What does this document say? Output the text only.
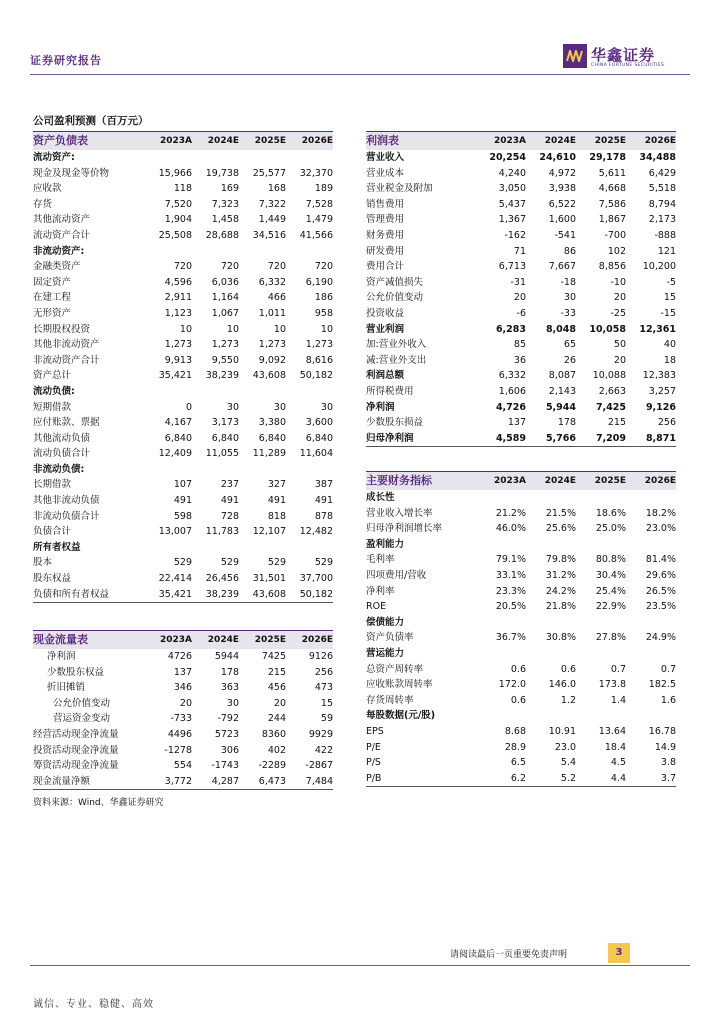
证券研究报告	华鑫证券
CHINA FORTUNE SECURITIES
公司盈利预测（百万元）
资产负债表	2023A	2024E	2025E	2026E
流动资产:				
现金及现金等价物	15,966	19,738	25,577	32,370
应收款	118	169	168	189
存货	7,520	7,323	7,322	7,528
其他流动资产	1,904	1,458	1,449	1,479
流动资产合计	25,508	28,688	34,516	41,566
非流动资产:				
金融类资产	720	720	720	720
固定资产	4,596	6,036	6,332	6,190
在建工程	2,911	1,164	466	186
无形资产	1,123	1,067	1,011	958
长期股权投资	10	10	10	10
其他非流动资产	1,273	1,273	1,273	1,273
非流动资产合计	9,913	9,550	9,092	8,616
资产总计	35,421	38,239	43,608	50,182
流动负债:				
短期借款	0	30	30	30
应付账款、票据	4,167	3,173	3,380	3,600
其他流动负债	6,840	6,840	6,840	6,840
流动负债合计	12,409	11,055	11,289	11,604
非流动负债:				
长期借款	107	237	327	387
其他非流动负债	491	491	491	491
非流动负债合计	598	728	818	878
负债合计	13,007	11,783	12,107	12,482
所有者权益				
股本	529	529	529	529
股东权益	22,414	26,456	31,501	37,700
负债和所有者权益	35,421	38,239	43,608	50,182
利润表	2023A	2024E	2025E	2026E
营业收入	20,254	24,610	29,178	34,488
营业成本	4,240	4,972	5,611	6,429
营业税金及附加	3,050	3,938	4,668	5,518
销售费用	5,437	6,522	7,586	8,794
管理费用	1,367	1,600	1,867	2,173
财务费用	-162	-541	-700	-888
研发费用	71	86	102	121
费用合计	6,713	7,667	8,856	10,200
资产减值损失	-31	-18	-10	-5
公允价值变动	20	30	20	15
投资收益	-6	-33	-25	-15
营业利润	6,283	8,048	10,058	12,361
加:营业外收入	85	65	50	40
减:营业外支出	36	26	20	18
利润总额	6,332	8,087	10,088	12,383
所得税费用	1,606	2,143	2,663	3,257
净利润	4,726	5,944	7,425	9,126
少数股东损益	137	178	215	256
归母净利润	4,589	5,766	7,209	8,871
主要财务指标	2023A	2024E	2025E	2026E
成长性				
营业收入增长率	21.2%	21.5%	18.6%	18.2%
归母净利润增长率	46.0%	25.6%	25.0%	23.0%
盈利能力				
毛利率	79.1%	79.8%	80.8%	81.4%
四项费用/营收	33.1%	31.2%	30.4%	29.6%
净利率	23.3%	24.2%	25.4%	26.5%
ROE	20.5%	21.8%	22.9%	23.5%
偿债能力				
资产负债率	36.7%	30.8%	27.8%	24.9%
营运能力				
总资产周转率	0.6	0.6	0.7	0.7
应收账款周转率	172.0	146.0	173.8	182.5
存货周转率	0.6	1.2	1.4	1.6
每股数据(元/股)				
EPS	8.68	10.91	13.64	16.78
P/E	28.9	23.0	18.4	14.9
P/S	6.5	5.4	4.5	3.8
P/B	6.2	5.2	4.4	3.7
现金流量表	2023A	2024E	2025E	2026E
净利润	4726	5944	7425	9126
少数股东权益	137	178	215	256
折旧摊销	346	363	456	473
公允价值变动	20	30	20	15
营运资金变动	-733	-792	244	59
经营活动现金净流量	4496	5723	8360	9929
投资活动现金净流量	-1278	306	402	422
筹资活动现金净流量	554	-1743	-2289	-2867
现金流量净额	3,772	4,287	6,473	7,484
资料来源：Wind、华鑫证券研究
请阅读最后一页重要免责声明	3
诚信、专业、稳健、高效
